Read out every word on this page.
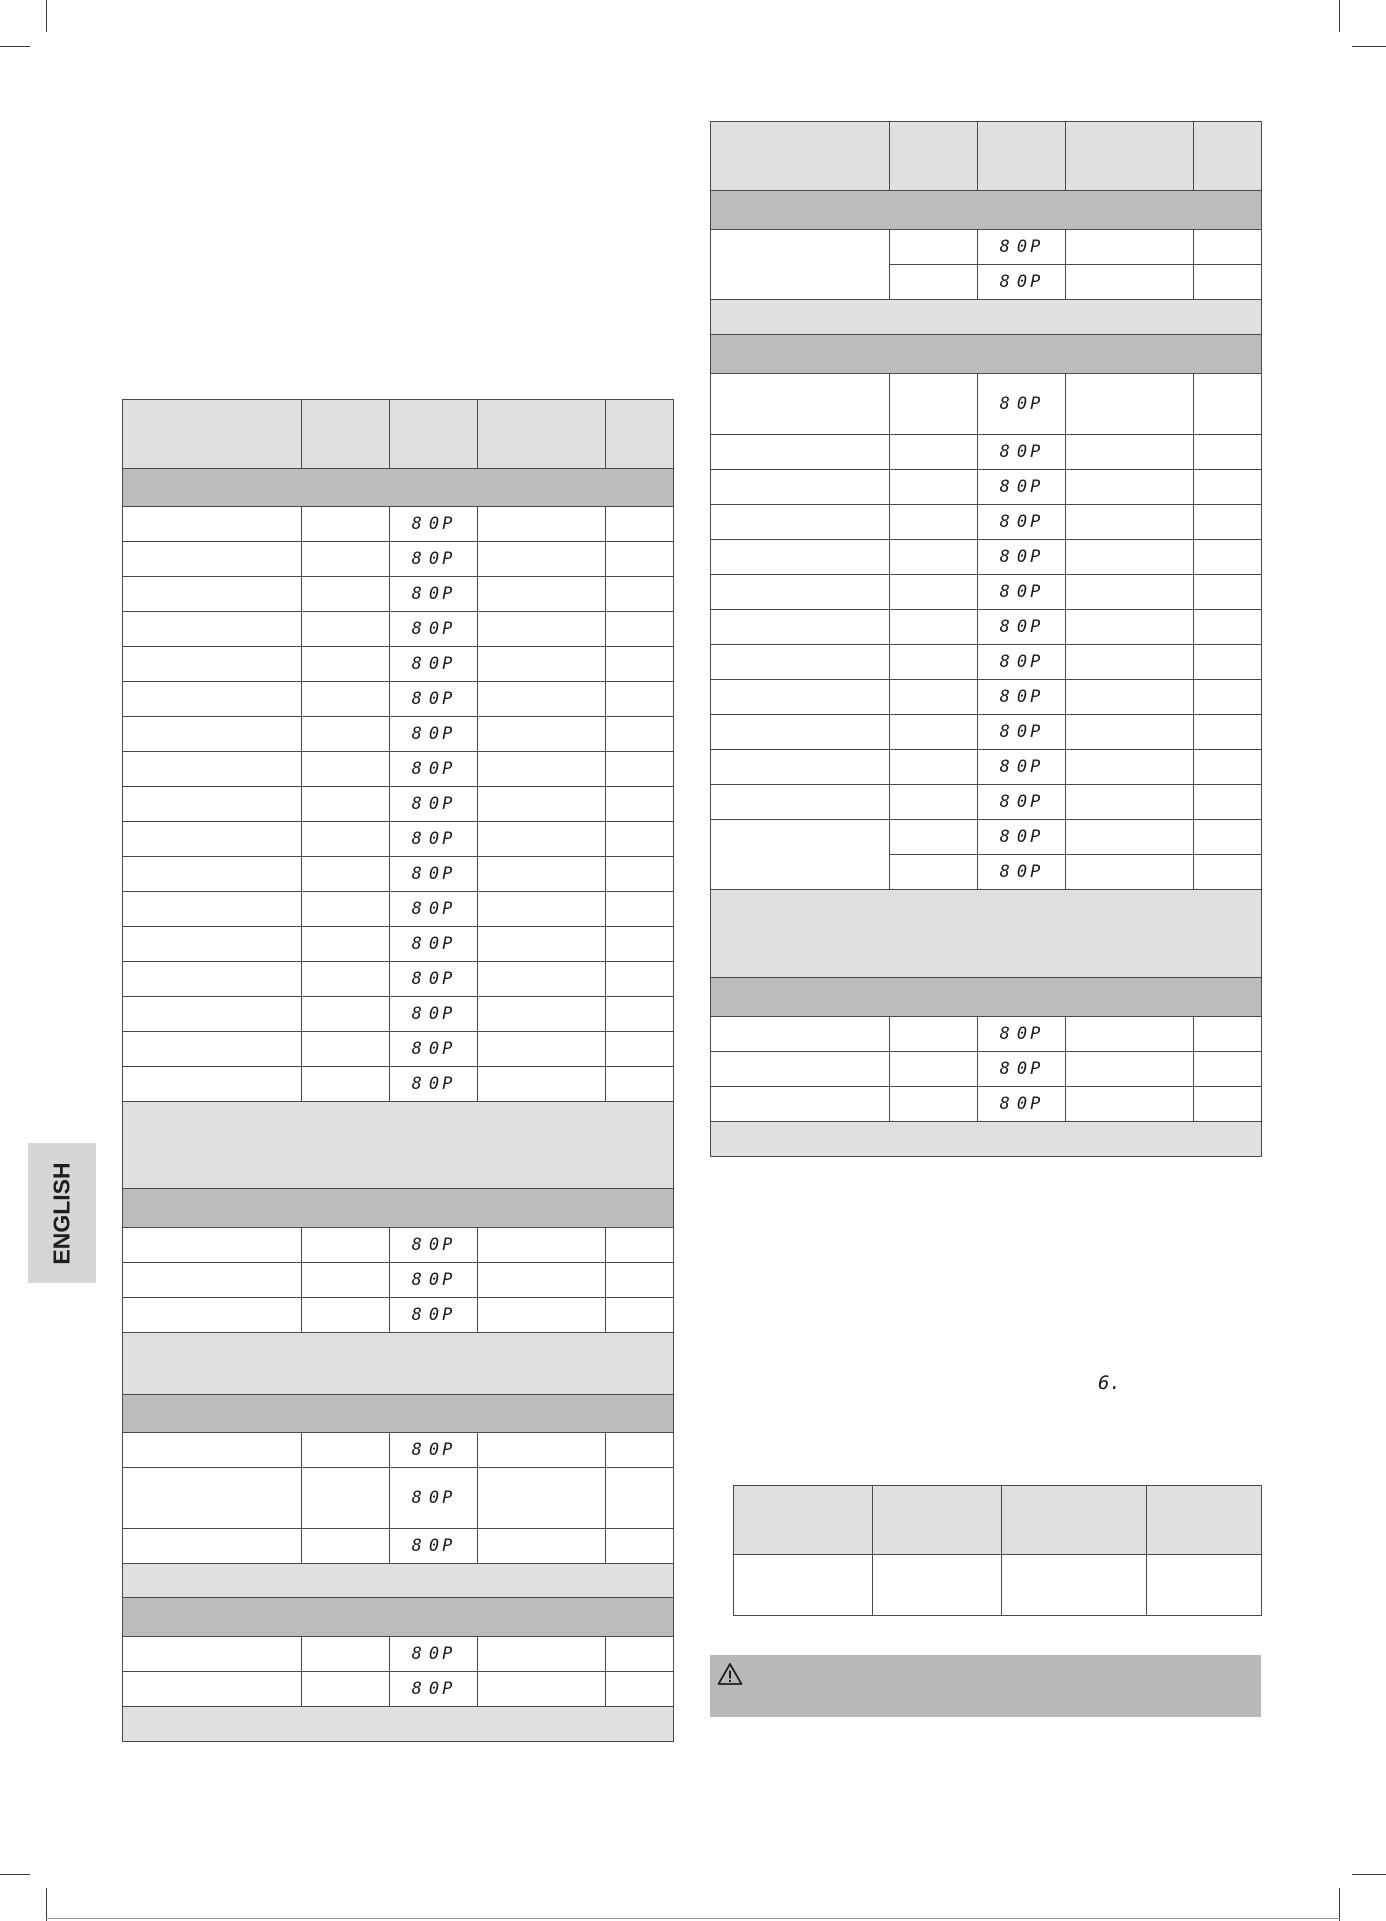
ENGLISH

		8 0P		
		8 0P		
		8 0P		
		8 0P		
		8 0P		
		8 0P		
		8 0P		
		8 0P		
		8 0P		
		8 0P		
		8 0P		
		8 0P		
		8 0P		
		8 0P		
		8 0P		
		8 0P		
		8 0P		

		8 0P		
		8 0P		
		8 0P		

		8 0P		
		8 0P		
		8 0P		

		8 0P		
		8 0P		

		8 0P		
		8 0P		

		8 0P		
		8 0P		
		8 0P		
		8 0P		
		8 0P		
		8 0P		
		8 0P		
		8 0P		
		8 0P		
		8 0P		
		8 0P		
		8 0P		
		8 0P		
		8 0P		

		8 0P		
		8 0P		
		8 0P		

6.
